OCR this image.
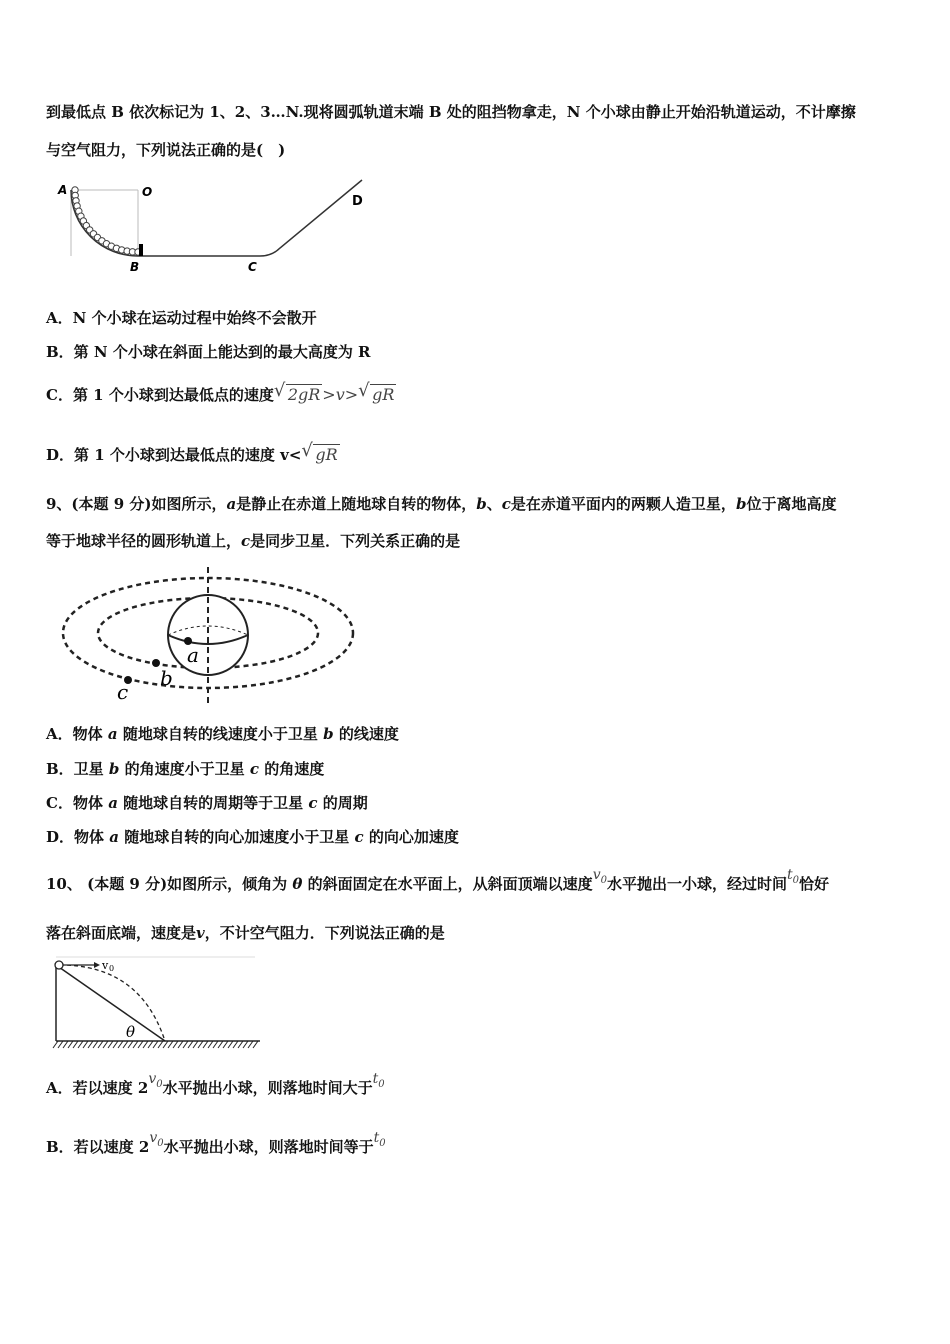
到最低点 B 依次标记为 1、2、3…N.现将圆弧轨道末端 B 处的阻挡物拿走，N 个小球由静止开始沿轨道运动，不计摩擦
与空气阻力，下列说法正确的是(　)
A	O
B	C
D
A．N 个小球在运动过程中始终不会散开
B．第 N 个小球在斜面上能达到的最大高度为 R
C．第 1 个小球到达最低点的速度 √ 2gR >v> √ gR
D．第 1 个小球到达最低点的速度 v< √ gR
9、(本题 9 分)如图所示，a是静止在赤道上随地球自转的物体，b、c是在赤道平面内的两颗人造卫星，b位于离地高度
等于地球半径的圆形轨道上，c是同步卫星．下列关系正确的是
a
b
c
A．物体 a 随地球自转的线速度小于卫星 b 的线速度
B．卫星 b 的角速度小于卫星 c 的角速度
C．物体 a 随地球自转的周期等于卫星 c 的周期
D．物体 a 随地球自转的向心加速度小于卫星 c 的向心加速度
10、 (本题 9 分)如图所示，倾角为 θ 的斜面固定在水平面上，从斜面顶端以速度$v_0$水平抛出一小球，经过时间$t_0$恰好
落在斜面底端，速度是v，不计空气阻力．下列说法正确的是
v 0
θ
A．若以速度 $2v_0$水平抛出小球，则落地时间大于$t_0$
B．若以速度 $2v_0$水平抛出小球，则落地时间等于$t_0$
